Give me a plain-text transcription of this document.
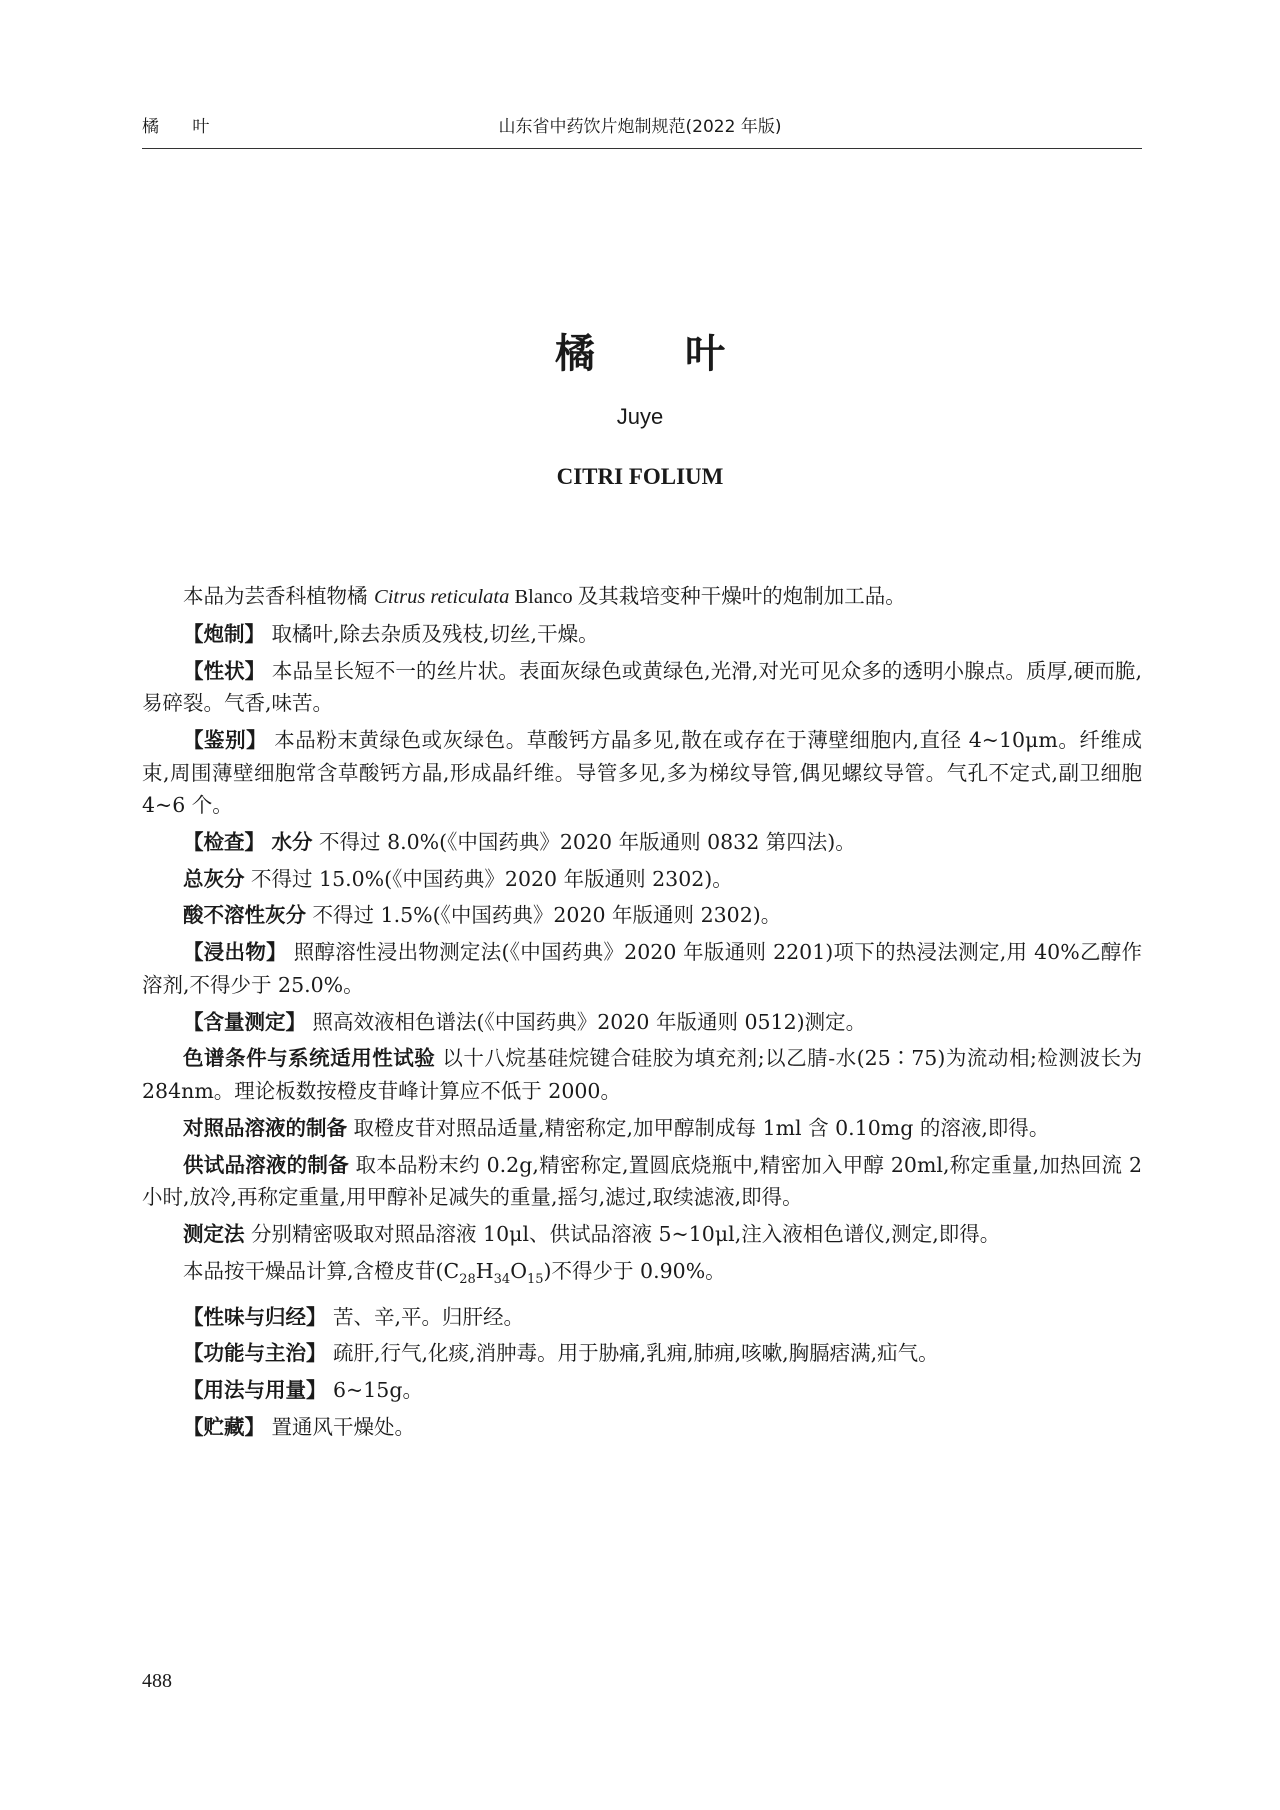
橘 叶	山东省中药饮片炮制规范(2022 年版)
橘 叶
Juye
CITRI FOLIUM

本品为芸香科植物橘 Citrus reticulata Blanco 及其栽培变种干燥叶的炮制加工品。

【炮制】 取橘叶,除去杂质及残枝,切丝,干燥。

【性状】 本品呈长短不一的丝片状。表面灰绿色或黄绿色,光滑,对光可见众多的透明小腺点。质厚,硬而脆,易碎裂。气香,味苦。

【鉴别】 本品粉末黄绿色或灰绿色。草酸钙方晶多见,散在或存在于薄壁细胞内,直径 4~10μm。纤维成束,周围薄壁细胞常含草酸钙方晶,形成晶纤维。导管多见,多为梯纹导管,偶见螺纹导管。气孔不定式,副卫细胞 4~6 个。

【检查】 水分 不得过 8.0%(《中国药典》2020 年版通则 0832 第四法)。

总灰分 不得过 15.0%(《中国药典》2020 年版通则 2302)。

酸不溶性灰分 不得过 1.5%(《中国药典》2020 年版通则 2302)。

【浸出物】 照醇溶性浸出物测定法(《中国药典》2020 年版通则 2201)项下的热浸法测定,用 40%乙醇作溶剂,不得少于 25.0%。

【含量测定】 照高效液相色谱法(《中国药典》2020 年版通则 0512)测定。

色谱条件与系统适用性试验 以十八烷基硅烷键合硅胶为填充剂;以乙腈-水(25∶75)为流动相;检测波长为 284nm。理论板数按橙皮苷峰计算应不低于 2000。

对照品溶液的制备 取橙皮苷对照品适量,精密称定,加甲醇制成每 1ml 含 0.10mg 的溶液,即得。

供试品溶液的制备 取本品粉末约 0.2g,精密称定,置圆底烧瓶中,精密加入甲醇 20ml,称定重量,加热回流 2 小时,放冷,再称定重量,用甲醇补足减失的重量,摇匀,滤过,取续滤液,即得。

测定法 分别精密吸取对照品溶液 10μl、供试品溶液 5~10μl,注入液相色谱仪,测定,即得。

本品按干燥品计算,含橙皮苷$(C_{28}H_{34}O_{15})$不得少于 0.90%。

【性味与归经】 苦、辛,平。归肝经。

【功能与主治】 疏肝,行气,化痰,消肿毒。用于胁痛,乳痈,肺痈,咳嗽,胸膈痞满,疝气。

【用法与用量】 6~15g。

【贮藏】 置通风干燥处。

488
